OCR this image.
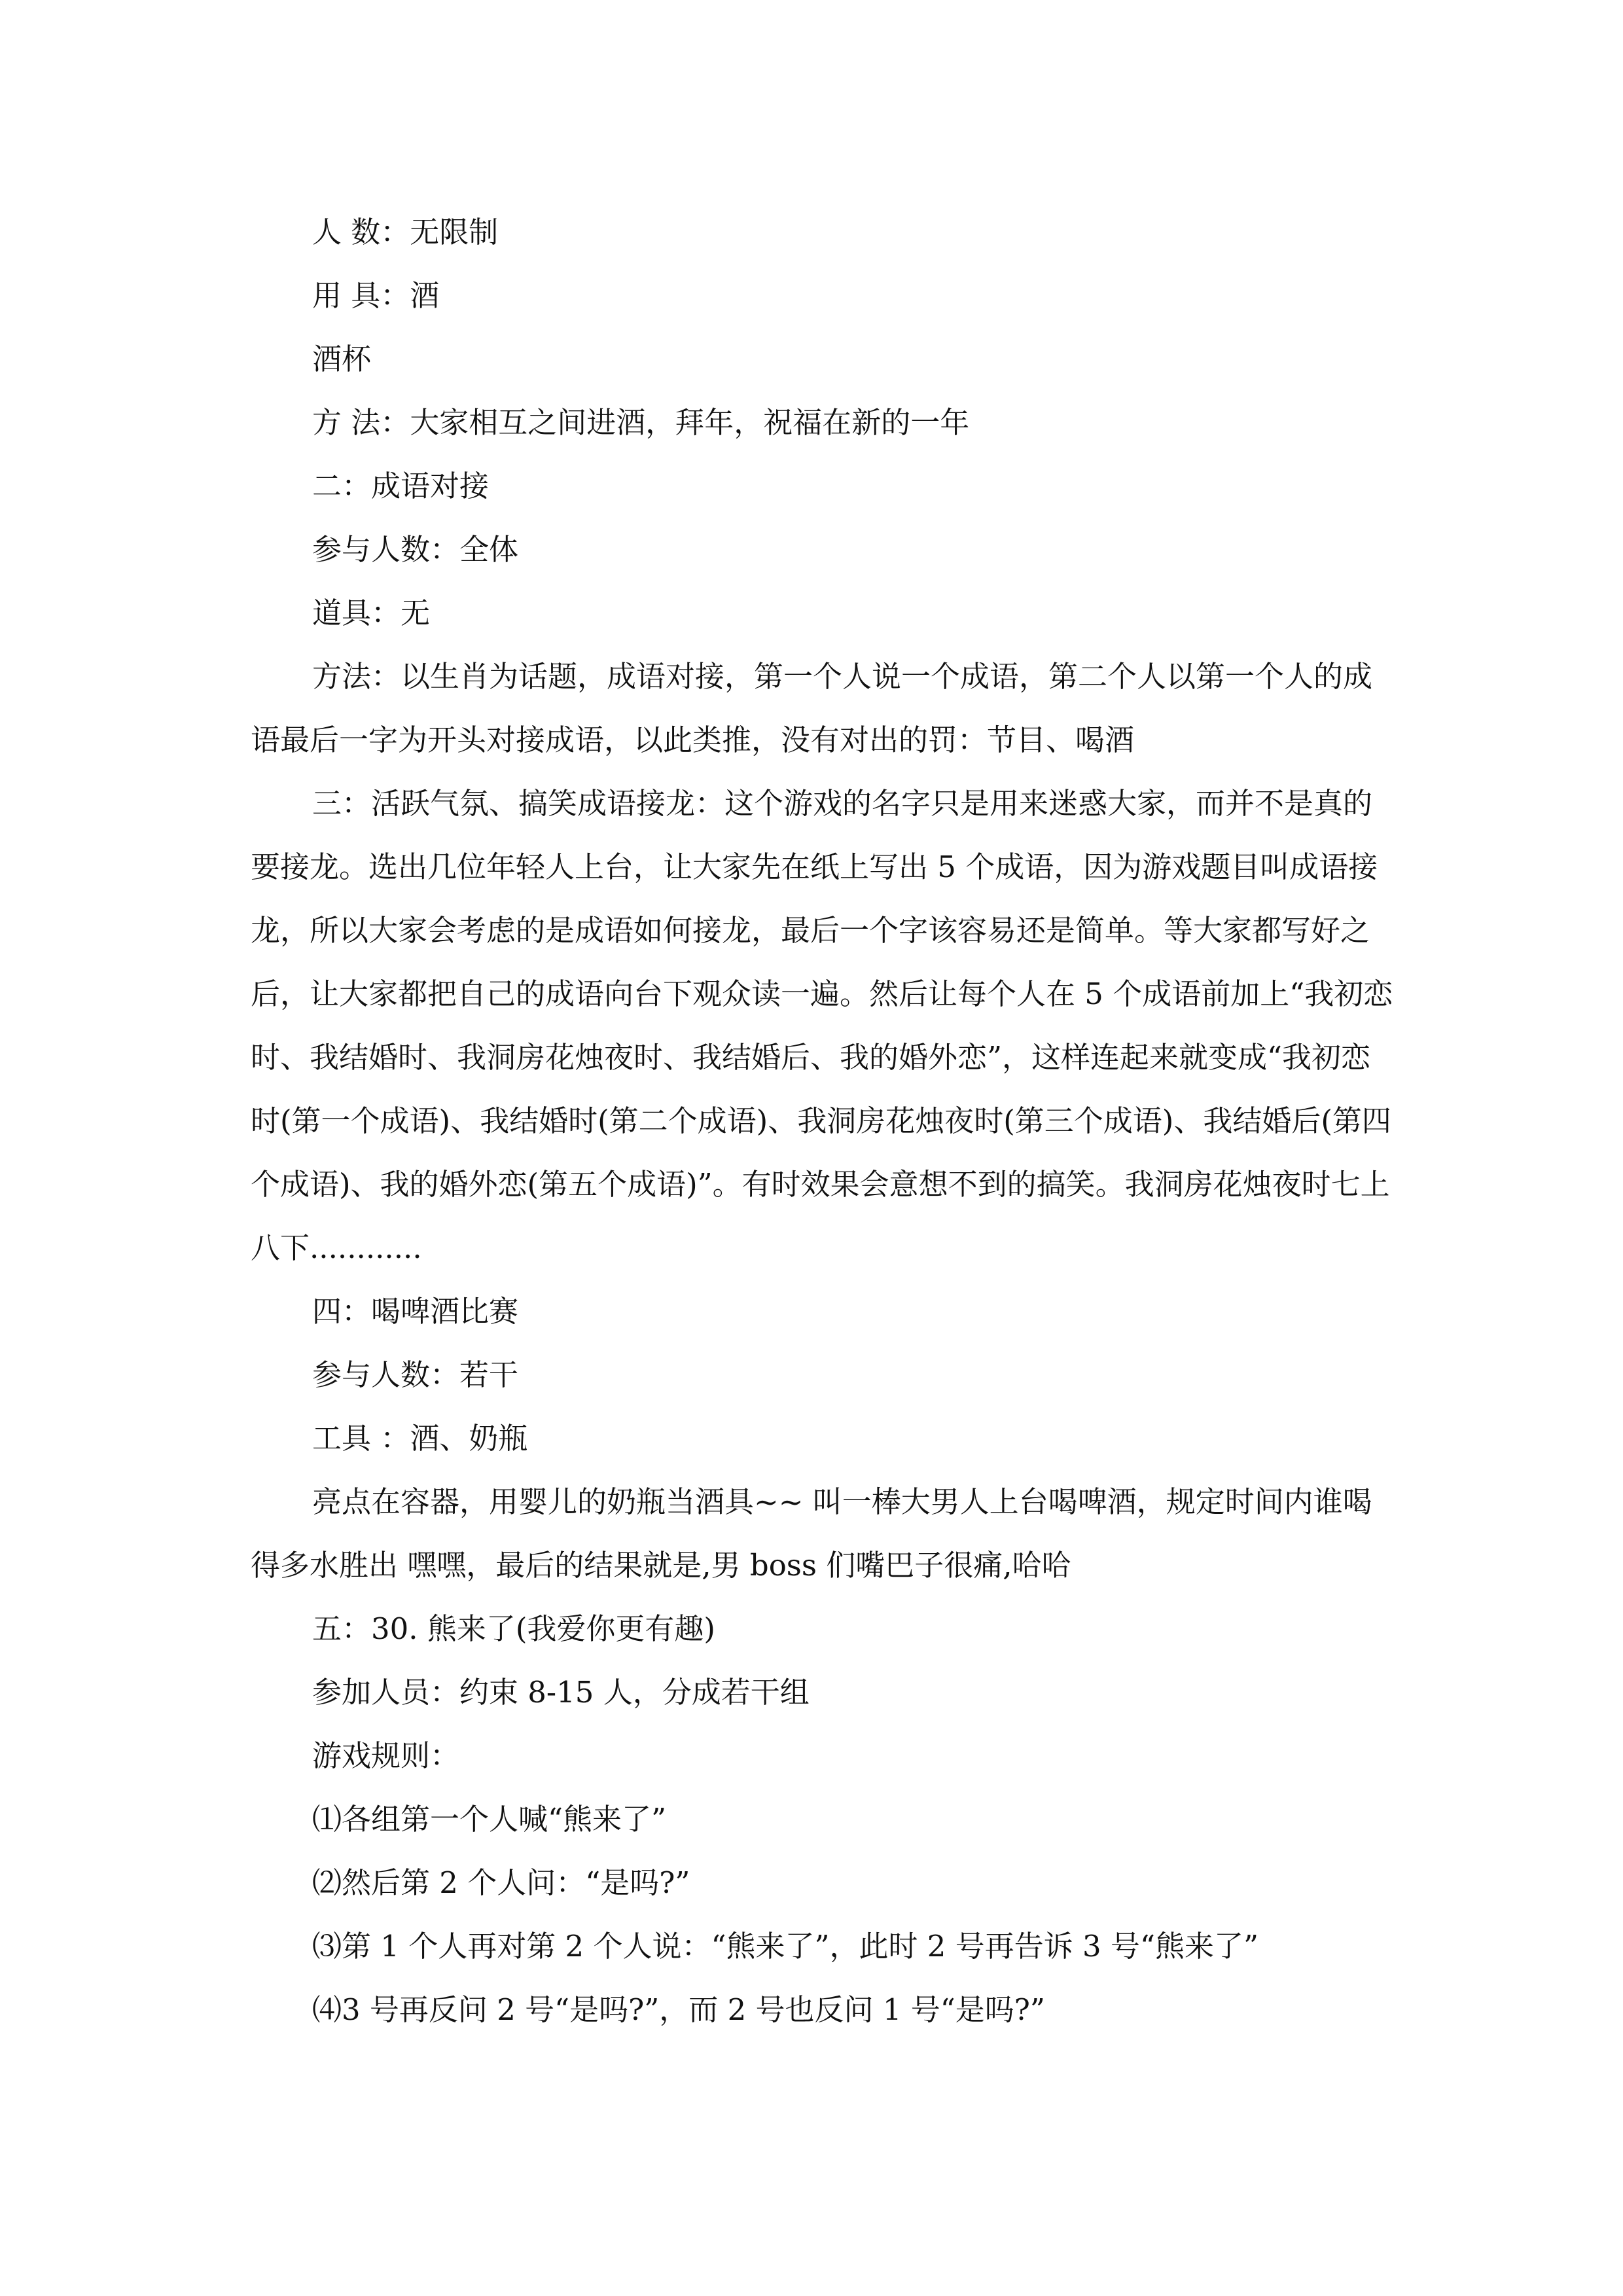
人 数：无限制

用 具：酒

酒杯

方 法：大家相互之间进酒，拜年，祝福在新的一年

二：成语对接

参与人数：全体

道具：无

方法：以生肖为话题，成语对接，第一个人说一个成语，第二个人以第一个人的成语最后一字为开头对接成语，以此类推，没有对出的罚：节目、喝酒

三：活跃气氛、搞笑成语接龙：这个游戏的名字只是用来迷惑大家，而并不是真的要接龙。选出几位年轻人上台，让大家先在纸上写出 5 个成语，因为游戏题目叫成语接龙，所以大家会考虑的是成语如何接龙，最后一个字该容易还是简单。等大家都写好之后，让大家都把自己的成语向台下观众读一遍。然后让每个人在 5 个成语前加上“我初恋时、我结婚时、我洞房花烛夜时、我结婚后、我的婚外恋”，这样连起来就变成“我初恋时(第一个成语)、我结婚时(第二个成语)、我洞房花烛夜时(第三个成语)、我结婚后(第四个成语)、我的婚外恋(第五个成语)”。有时效果会意想不到的搞笑。我洞房花烛夜时七上八下............

四：喝啤酒比赛

参与人数：若干

工具 ：酒、奶瓶

亮点在容器，用婴儿的奶瓶当酒具~~ 叫一棒大男人上台喝啤酒，规定时间内谁喝得多水胜出 嘿嘿，最后的结果就是,男 boss 们嘴巴子很痛,哈哈

五：30. 熊来了(我爱你更有趣)

参加人员：约束 8-15 人，分成若干组

游戏规则：

⑴各组第一个人喊“熊来了”

⑵然后第 2 个人问：“是吗?”

⑶第 1 个人再对第 2 个人说：“熊来了”，此时 2 号再告诉 3 号“熊来了”

⑷3 号再反问 2 号“是吗?”，而 2 号也反问 1 号“是吗?”
